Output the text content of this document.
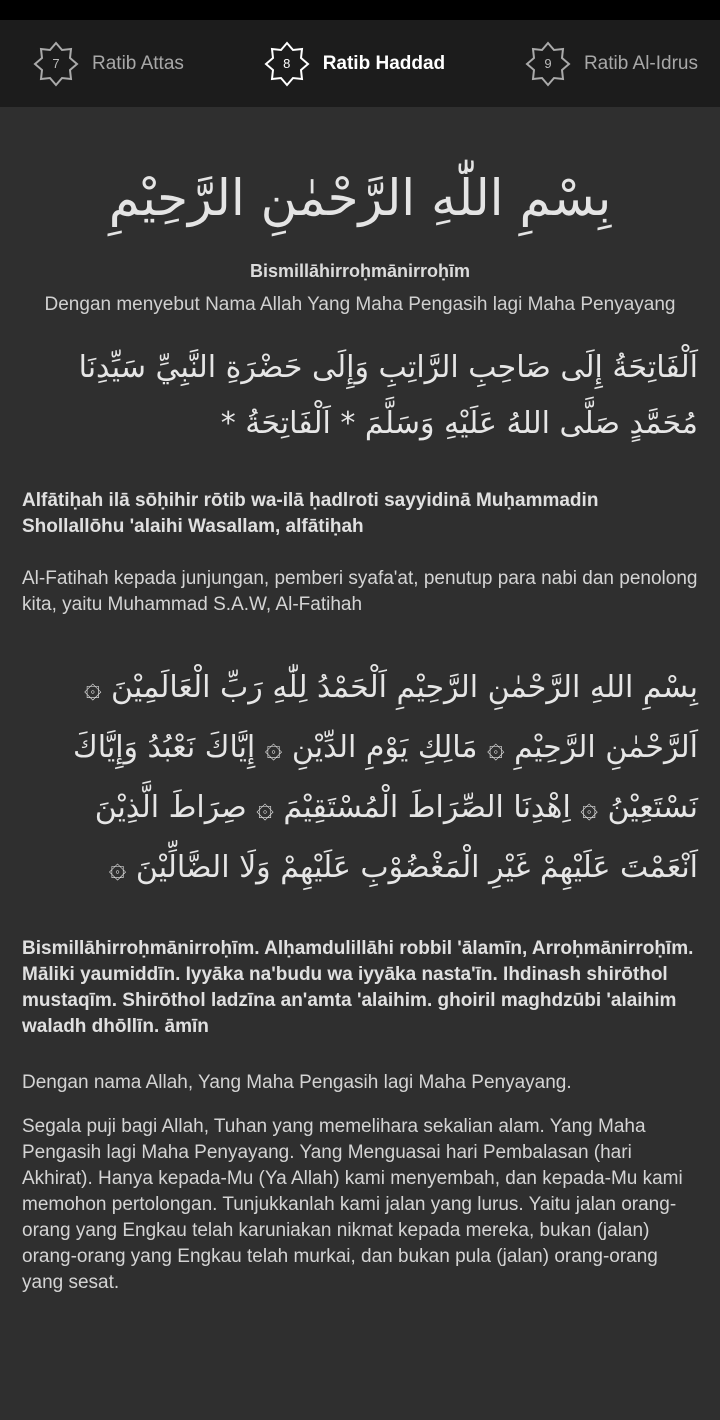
7	Ratib Attas	8	Ratib Haddad	9	Ratib Al-Idrus
بِسْمِ اللّٰهِ الرَّحْمٰنِ الرَّحِيْمِ
Bismillāhirroḥmānirroḥīm
Dengan menyebut Nama Allah Yang Maha Pengasih lagi Maha Penyayang
اَلْفَاتِحَةُ إِلَى صَاحِبِ الرَّاتِبِ وَإِلَى حَضْرَةِ النَّبِيِّ سَيِّدِنَا مُحَمَّدٍ صَلَّى اللهُ عَلَيْهِ وَسَلَّمَ * اَلْفَاتِحَةُ *
Alfātiḥah ilā sōḥihir rōtib wa-ilā ḥadlroti sayyidinā Muḥammadin Shollallōhu 'alaihi Wasallam, alfātiḥah
Al-Fatihah kepada junjungan, pemberi syafa'at, penutup para nabi dan penolong kita, yaitu Muhammad S.A.W, Al-Fatihah
بِسْمِ اللهِ الرَّحْمٰنِ الرَّحِيْمِ اَلْحَمْدُ لِلّٰهِ رَبِّ الْعَالَمِيْنَ ۞ اَلرَّحْمٰنِ الرَّحِيْمِ ۞ مَالِكِ يَوْمِ الدِّيْنِ ۞ إِيَّاكَ نَعْبُدُ وَإِيَّاكَ نَسْتَعِيْنُ ۞ اِهْدِنَا الصِّرَاطَ الْمُسْتَقِيْمَ ۞ صِرَاطَ الَّذِيْنَ اَنْعَمْتَ عَلَيْهِمْ غَيْرِ الْمَغْضُوْبِ عَلَيْهِمْ وَلَا الضَّالِّيْنَ ۞
Bismillāhirroḥmānirroḥīm. Alḥamdulillāhi robbil 'ālamīn, Arroḥmānirroḥīm. Māliki yaumiddīn. Iyyāka na'budu wa iyyāka nasta'īn. Ihdinash shirōthol mustaqīm. Shirōthol ladzīna an'amta 'alaihim. ghoiril maghdzūbi 'alaihim waladh dhōllīn. āmīn
Dengan nama Allah, Yang Maha Pengasih lagi Maha Penyayang.
Segala puji bagi Allah, Tuhan yang memelihara sekalian alam. Yang Maha Pengasih lagi Maha Penyayang. Yang Menguasai hari Pembalasan (hari Akhirat). Hanya kepada-Mu (Ya Allah) kami menyembah, dan kepada-Mu kami memohon pertolongan. Tunjukkanlah kami jalan yang lurus. Yaitu jalan orang-orang yang Engkau telah karuniakan nikmat kepada mereka, bukan (jalan) orang-orang yang Engkau telah murkai, dan bukan pula (jalan) orang-orang yang sesat.
